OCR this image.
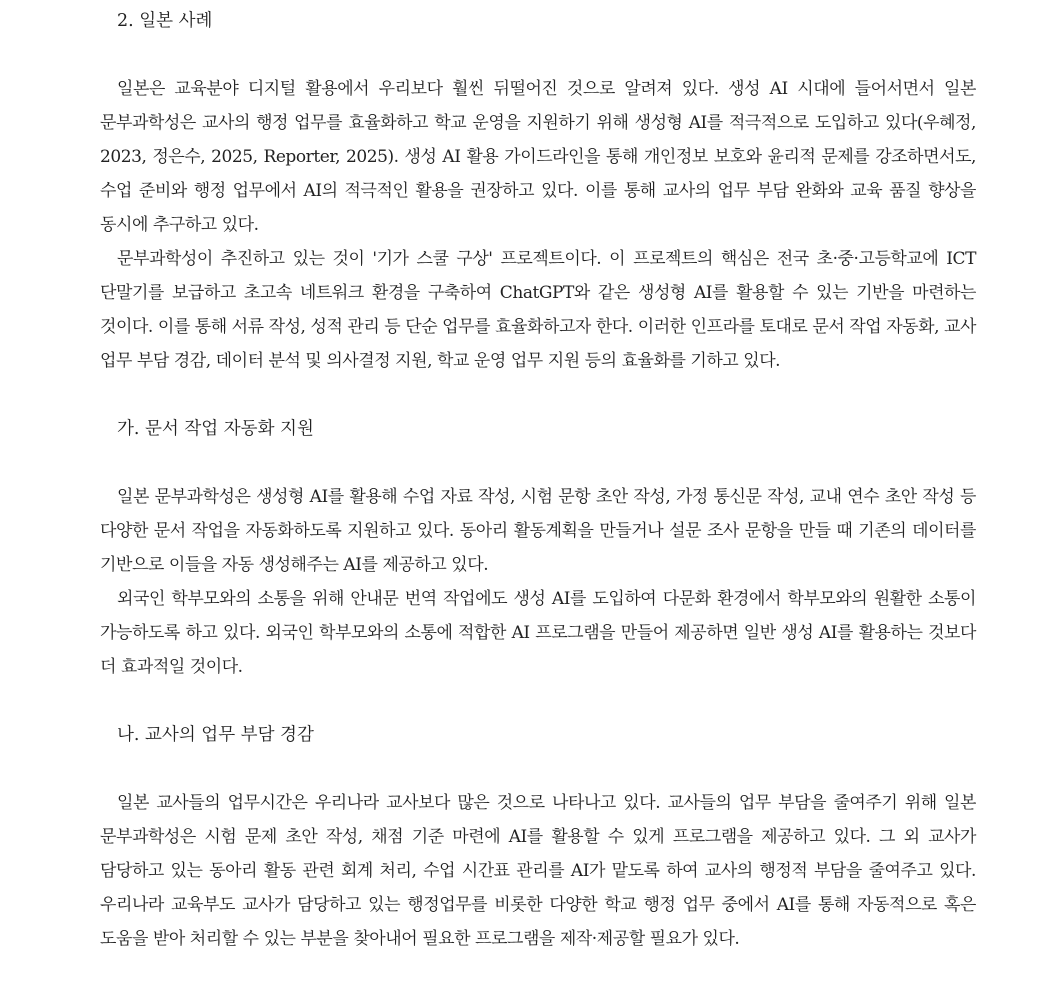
2. 일본 사례

일본은 교육분야 디지털 활용에서 우리보다 훨씬 뒤떨어진 것으로 알려져 있다. 생성 AI 시대에 들어서면서 일본 문부과학성은 교사의 행정 업무를 효율화하고 학교 운영을 지원하기 위해 생성형 AI를 적극적으로 도입하고 있다(우혜정, 2023, 정은수, 2025, Reporter, 2025). 생성 AI 활용 가이드라인을 통해 개인정보 보호와 윤리적 문제를 강조하면서도, 수업 준비와 행정 업무에서 AI의 적극적인 활용을 권장하고 있다. 이를 통해 교사의 업무 부담 완화와 교육 품질 향상을 동시에 추구하고 있다.

문부과학성이 추진하고 있는 것이 '기가 스쿨 구상' 프로젝트이다. 이 프로젝트의 핵심은 전국 초·중·고등학교에 ICT 단말기를 보급하고 초고속 네트워크 환경을 구축하여 ChatGPT와 같은 생성형 AI를 활용할 수 있는 기반을 마련하는 것이다. 이를 통해 서류 작성, 성적 관리 등 단순 업무를 효율화하고자 한다. 이러한 인프라를 토대로 문서 작업 자동화, 교사 업무 부담 경감, 데이터 분석 및 의사결정 지원, 학교 운영 업무 지원 등의 효율화를 기하고 있다.

가. 문서 작업 자동화 지원

일본 문부과학성은 생성형 AI를 활용해 수업 자료 작성, 시험 문항 초안 작성, 가정 통신문 작성, 교내 연수 초안 작성 등 다양한 문서 작업을 자동화하도록 지원하고 있다. 동아리 활동계획을 만들거나 설문 조사 문항을 만들 때 기존의 데이터를 기반으로 이들을 자동 생성해주는 AI를 제공하고 있다.

외국인 학부모와의 소통을 위해 안내문 번역 작업에도 생성 AI를 도입하여 다문화 환경에서 학부모와의 원활한 소통이 가능하도록 하고 있다. 외국인 학부모와의 소통에 적합한 AI 프로그램을 만들어 제공하면 일반 생성 AI를 활용하는 것보다 더 효과적일 것이다.

나. 교사의 업무 부담 경감

일본 교사들의 업무시간은 우리나라 교사보다 많은 것으로 나타나고 있다. 교사들의 업무 부담을 줄여주기 위해 일본 문부과학성은 시험 문제 초안 작성, 채점 기준 마련에 AI를 활용할 수 있게 프로그램을 제공하고 있다. 그 외 교사가 담당하고 있는 동아리 활동 관련 회계 처리, 수업 시간표 관리를 AI가 맡도록 하여 교사의 행정적 부담을 줄여주고 있다. 우리나라 교육부도 교사가 담당하고 있는 행정업무를 비롯한 다양한 학교 행정 업무 중에서 AI를 통해 자동적으로 혹은 도움을 받아 처리할 수 있는 부분을 찾아내어 필요한 프로그램을 제작·제공할 필요가 있다.
